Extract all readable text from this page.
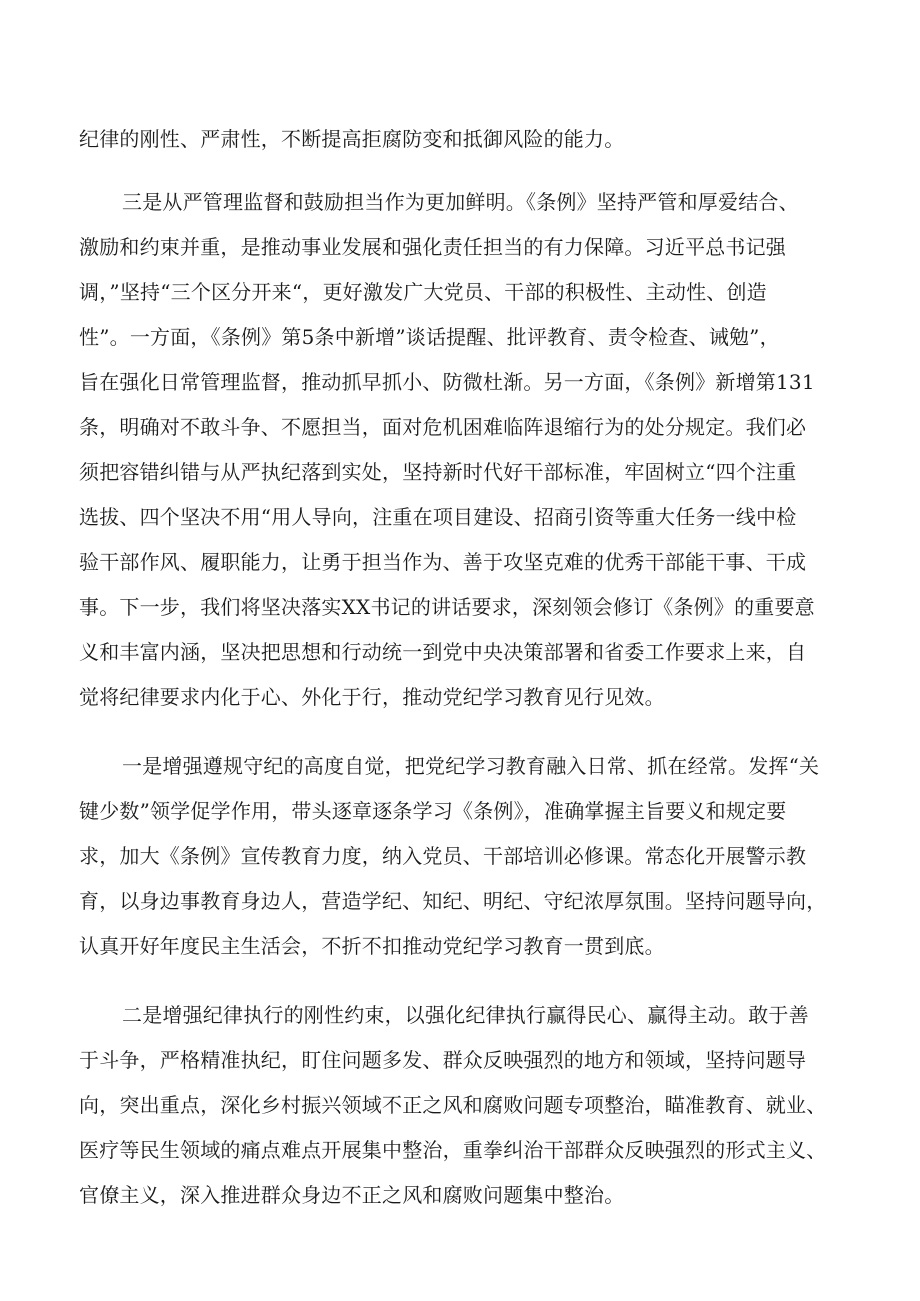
纪律的刚性、严肃性，不断提高拒腐防变和抵御风险的能力。

三是从严管理监督和鼓励担当作为更加鲜明。《条例》坚持严管和厚爱结合、

激励和约束并重，是推动事业发展和强化责任担当的有力保障。习近平总书记强

调，”坚持“三个区分开来“，更好激发广大党员、干部的积极性、主动性、创造

性”。一方面，《条例》第5条中新增”谈话提醒、批评教育、责令检查、诫勉”，

旨在强化日常管理监督，推动抓早抓小、防微杜渐。另一方面，《条例》新增第131

条，明确对不敢斗争、不愿担当，面对危机困难临阵退缩行为的处分规定。我们必

须把容错纠错与从严执纪落到实处，坚持新时代好干部标准，牢固树立“四个注重

选拔、四个坚决不用“用人导向，注重在项目建设、招商引资等重大任务一线中检

验干部作风、履职能力，让勇于担当作为、善于攻坚克难的优秀干部能干事、干成

事。下一步，我们将坚决落实XX书记的讲话要求，深刻领会修订《条例》的重要意

义和丰富内涵，坚决把思想和行动统一到党中央决策部署和省委工作要求上来，自

觉将纪律要求内化于心、外化于行，推动党纪学习教育见行见效。

一是增强遵规守纪的高度自觉，把党纪学习教育融入日常、抓在经常。发挥“关

键少数”领学促学作用，带头逐章逐条学习《条例》，准确掌握主旨要义和规定要

求，加大《条例》宣传教育力度，纳入党员、干部培训必修课。常态化开展警示教

育，以身边事教育身边人，营造学纪、知纪、明纪、守纪浓厚氛围。坚持问题导向，

认真开好年度民主生活会，不折不扣推动党纪学习教育一贯到底。

二是增强纪律执行的刚性约束，以强化纪律执行赢得民心、赢得主动。敢于善

于斗争，严格精准执纪，盯住问题多发、群众反映强烈的地方和领域，坚持问题导

向，突出重点，深化乡村振兴领域不正之风和腐败问题专项整治，瞄准教育、就业、

医疗等民生领域的痛点难点开展集中整治，重拳纠治干部群众反映强烈的形式主义、

官僚主义，深入推进群众身边不正之风和腐败问题集中整治。
